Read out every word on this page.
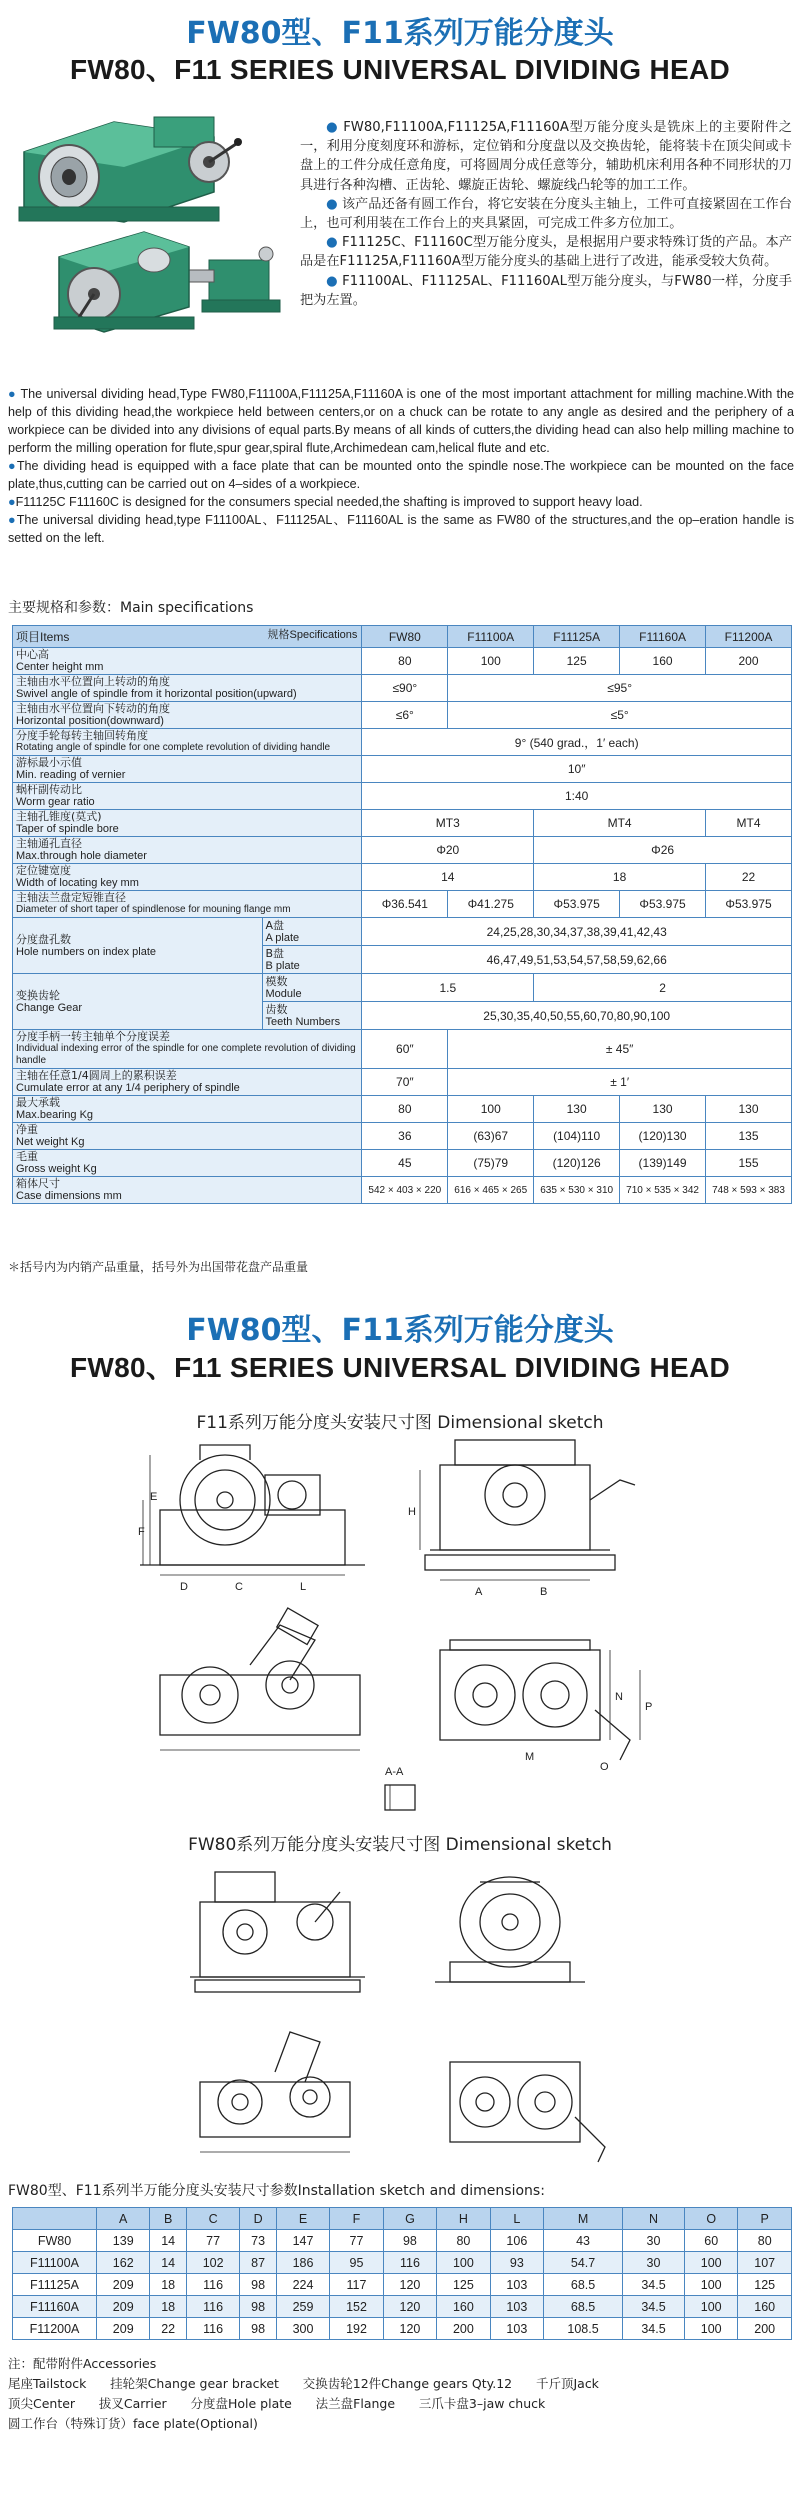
FW80型、F11系列万能分度头
FW80、F11 SERIES UNIVERSAL DIVIDING HEAD

● FW80,F11100A,F11125A,F11160A型万能分度头是铣床上的主要附件之一，利用分度刻度环和游标，定位销和分度盘以及交换齿轮，能将装卡在顶尖间或卡盘上的工件分成任意角度，可将圆周分成任意等分，辅助机床利用各种不同形状的刀具进行各种沟槽、正齿轮、螺旋正齿轮、螺旋线凸轮等的加工工作。

● 该产品还备有圆工作台，将它安装在分度头主轴上，工件可直接紧固在工作台上，也可利用装在工作台上的夹具紧固，可完成工件多方位加工。

● F11125C、F11160C型万能分度头，是根据用户要求特殊订货的产品。本产品是在F11125A,F11160A型万能分度头的基础上进行了改进，能承受较大负荷。

● F11100AL、F11125AL、F11160AL型万能分度头，与FW80一样，分度手把为左置。

● The universal dividing head,Type FW80,F11100A,F11125A,F11160A is one of the most important attachment for milling machine.With the help of this dividing head,the workpiece held between centers,or on a chuck can be rotate to any angle as desired and the periphery of a workpiece can be divided into any divisions of equal parts.By means of all kinds of cutters,the dividing head can also help milling machine to perform the milling operation for flute,spur gear,spiral flute,Archimedean cam,helical flute and etc.

●The dividing head is equipped with a face plate that can be mounted onto the spindle nose.The workpiece can be mounted on the face plate,thus,cutting can be carried out on 4–sides of a workpiece.

●F11125C F11160C is designed for the consumers special needed,the shafting is improved to support heavy load.

●The universal dividing head,type F11100AL、F11125AL、F11160AL is the same as FW80 of the structures,and the op–eration handle is setted on the left.

主要规格和参数：Main specifications
项目Items 规格Specifications		FW80	F11100A	F11125A	F11160A	F11200A

中心高
Center height mm		80	100	125	160	200

主轴由水平位置向上转动的角度
Swivel angle of spindle from it horizontal position(upward)		≤90°	≤95°			

主轴由水平位置向下转动的角度
Horizontal position(downward)		≤6°	≤5°			

分度手轮每转主轴回转角度
Rotating angle of spindle for one complete revolution of dividing handle		9° (540 grad.，1′ each)				

游标最小示值
Min. reading of vernier		10″				

蜗杆副传动比
Worm gear ratio		1:40				

主轴孔锥度(莫式)
Taper of spindle bore		MT3		MT4		MT4

主轴通孔直径
Max.through hole diameter		Φ20		Φ26		

定位键宽度
Width of locating key mm		14		18		22

主轴法兰盘定短锥直径
Diameter of short taper of spindlenose for mouning flange mm		Φ36.541	Φ41.275	Φ53.975	Φ53.975	Φ53.975

分度盘孔数
Hole numbers on index plate	A盘
A plate	24,25,28,30,34,37,38,39,41,42,43				

	B盘
B plate	46,47,49,51,53,54,57,58,59,62,66				

变换齿轮
Change Gear	模数
Module	1.5		2		

	齿数
Teeth Numbers	25,30,35,40,50,55,60,70,80,90,100				

分度手柄一转主轴单个分度误差
Individual indexing error of the spindle for one complete revolution of dividing handle		60″	± 45″			

主轴在任意1/4圆周上的累积误差
Cumulate error at any 1/4 periphery of spindle		70″	± 1′			

最大承载
Max.bearing Kg		80	100	130	130	130

净重
Net weight Kg		36	(63)67	(104)110	(120)130	135

毛重
Gross weight Kg		45	(75)79	(120)126	(139)149	155

箱体尺寸
Case dimensions mm		542 × 403 × 220	616 × 465 × 265	635 × 530 × 310	710 × 535 × 342	748 × 593 × 383
＊括号内为内销产品重量，括号外为出国带花盘产品重量
FW80型、F11系列万能分度头
FW80、F11 SERIES UNIVERSAL DIVIDING HEAD
F11系列万能分度头安装尺寸图 Dimensional sketch
F
E
D	C	L
H
A	B
N
P
O
M
A-A
FW80系列万能分度头安装尺寸图 Dimensional sketch
FW80型、F11系列半万能分度头安装尺寸参数Installation sketch and dimensions:
	A	B	C	D	E	F	G	H	L	M	N	O	P
FW80	139	14	77	73	147	77	98	80	106	43	30	60	80
F11100A	162	14	102	87	186	95	116	100	93	54.7	30	100	107
F11125A	209	18	116	98	224	117	120	125	103	68.5	34.5	100	125
F11160A	209	18	116	98	259	152	120	160	103	68.5	34.5	100	160
F11200A	209	22	116	98	300	192	120	200	103	108.5	34.5	100	200
注：配带附件Accessories
尾座Tailstock      挂轮架Change gear bracket      交换齿轮12件Change gears Qty.12      千斤顶Jack
顶尖Center      拔叉Carrier      分度盘Hole plate      法兰盘Flange      三爪卡盘3–jaw chuck
圆工作台（特殊订货）face plate(Optional)
